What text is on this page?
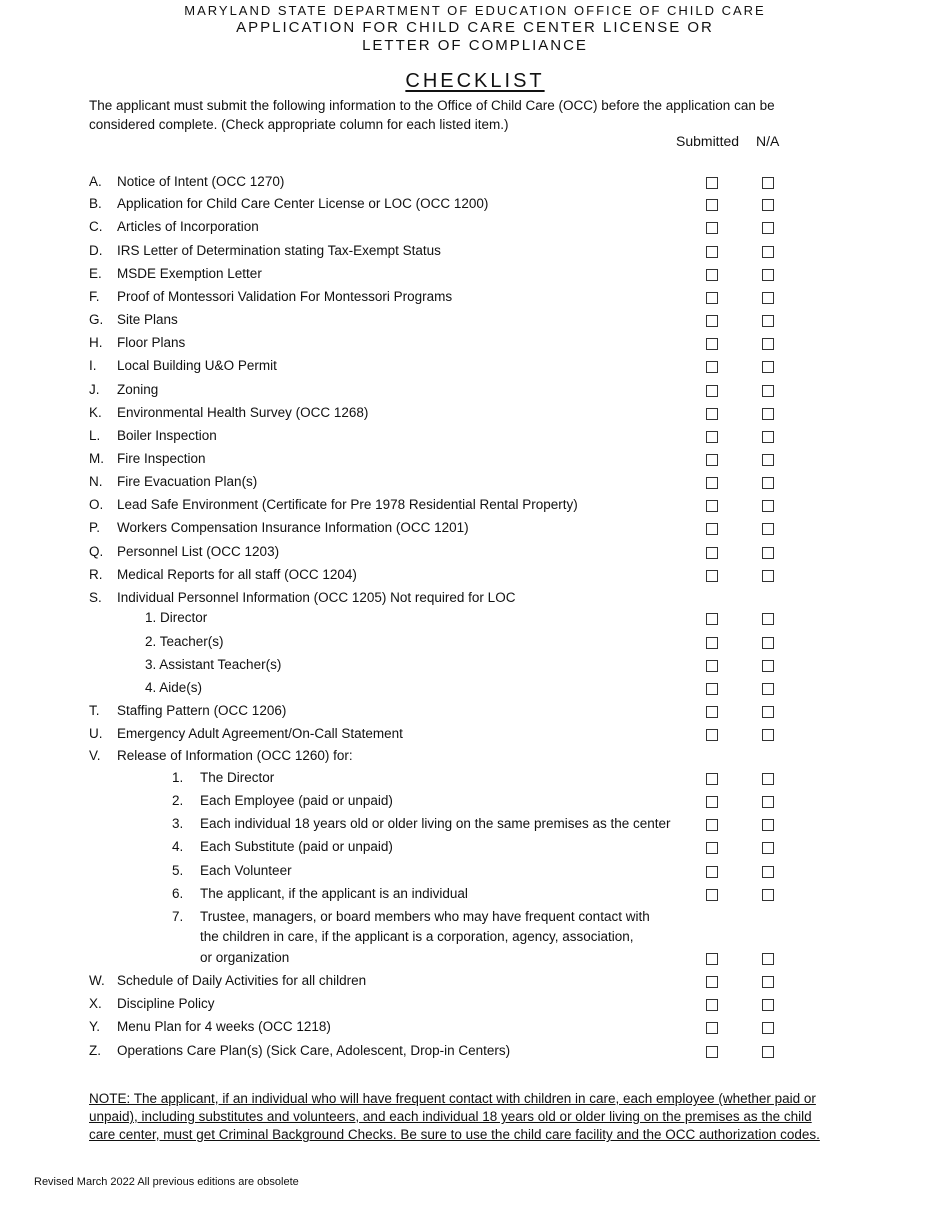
MARYLAND STATE DEPARTMENT OF EDUCATION OFFICE OF CHILD CARE
APPLICATION FOR CHILD CARE CENTER LICENSE OR
LETTER OF COMPLIANCE
CHECKLIST
The applicant must submit the following information to the Office of Child Care (OCC) before the application can be considered complete. (Check appropriate column for each listed item.)
Submitted N/A
A. Notice of Intent (OCC 1270)
B. Application for Child Care Center License or LOC (OCC 1200)
C. Articles of Incorporation
D. IRS Letter of Determination stating Tax-Exempt Status
E. MSDE Exemption Letter
F. Proof of Montessori Validation For Montessori Programs
G. Site Plans
H. Floor Plans
I. Local Building U&O Permit
J. Zoning
K. Environmental Health Survey (OCC 1268)
L. Boiler Inspection
M. Fire Inspection
N. Fire Evacuation Plan(s)
O. Lead Safe Environment (Certificate for Pre 1978 Residential Rental Property)
P. Workers Compensation Insurance Information (OCC 1201)
Q. Personnel List (OCC 1203)
R. Medical Reports for all staff (OCC 1204)
S. Individual Personnel Information (OCC 1205) Not required for LOC
1. Director
2. Teacher(s)
3. Assistant Teacher(s)
4. Aide(s)
T. Staffing Pattern (OCC 1206)
U. Emergency Adult Agreement/On-Call Statement
V. Release of Information (OCC 1260) for:
1. The Director
2. Each Employee (paid or unpaid)
3. Each individual 18 years old or older living on the same premises as the center
4. Each Substitute (paid or unpaid)
5. Each Volunteer
6. The applicant, if the applicant is an individual
7. Trustee, managers, or board members who may have frequent contact with
the children in care, if the applicant is a corporation, agency, association,
or organization
W. Schedule of Daily Activities for all children
X. Discipline Policy
Y. Menu Plan for 4 weeks (OCC 1218)
Z. Operations Care Plan(s) (Sick Care, Adolescent, Drop-in Centers)
NOTE: The applicant, if an individual who will have frequent contact with children in care, each employee (whether paid or unpaid), including substitutes and volunteers, and each individual 18 years old or older living on the premises as the child care center, must get Criminal Background Checks. Be sure to use the child care facility and the OCC authorization codes.
Revised March 2022 All previous editions are obsolete
